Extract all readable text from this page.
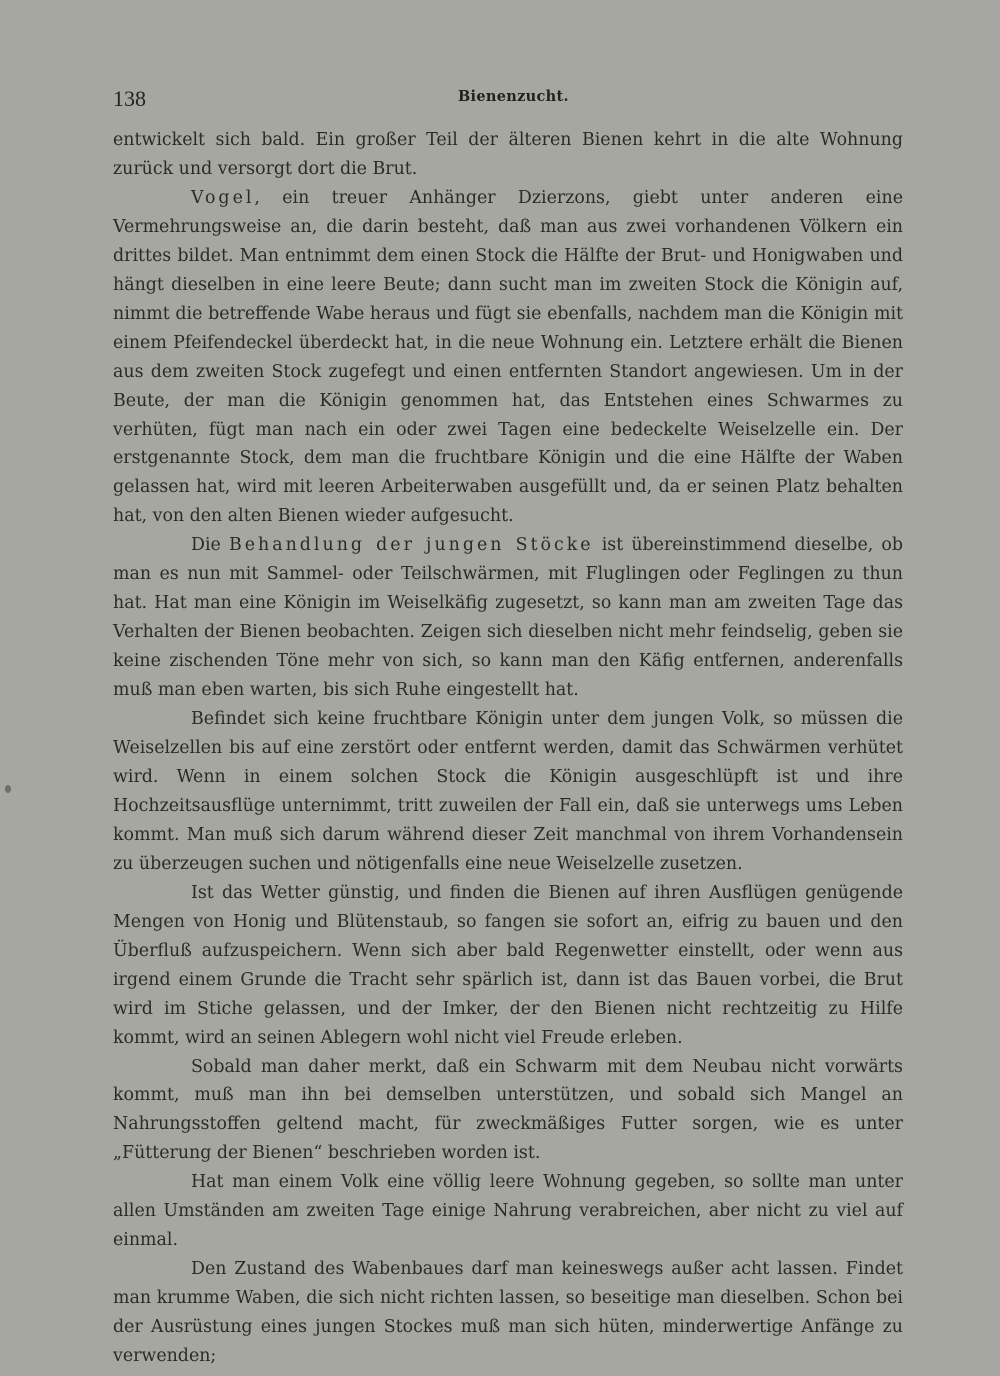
138	Bienenzucht.

entwickelt sich bald. Ein großer Teil der älteren Bienen kehrt in die alte Wohnung zurück und versorgt dort die Brut.

Vogel, ein treuer Anhänger Dzierzons, giebt unter anderen eine Vermehrungsweise an, die darin besteht, daß man aus zwei vorhandenen Völkern ein drittes bildet. Man entnimmt dem einen Stock die Hälfte der Brut- und Honigwaben und hängt dieselben in eine leere Beute; dann sucht man im zweiten Stock die Königin auf, nimmt die betreffende Wabe heraus und fügt sie ebenfalls, nachdem man die Königin mit einem Pfeifendeckel überdeckt hat, in die neue Wohnung ein. Letztere erhält die Bienen aus dem zweiten Stock zugefegt und einen entfernten Standort angewiesen. Um in der Beute, der man die Königin genommen hat, das Entstehen eines Schwarmes zu verhüten, fügt man nach ein oder zwei Tagen eine bedeckelte Weiselzelle ein. Der erstgenannte Stock, dem man die fruchtbare Königin und die eine Hälfte der Waben gelassen hat, wird mit leeren Arbeiterwaben ausgefüllt und, da er seinen Platz behalten hat, von den alten Bienen wieder aufgesucht.

Die Behandlung der jungen Stöcke ist übereinstimmend dieselbe, ob man es nun mit Sammel- oder Teilschwärmen, mit Fluglingen oder Feglingen zu thun hat. Hat man eine Königin im Weiselkäfig zugesetzt, so kann man am zweiten Tage das Verhalten der Bienen beobachten. Zeigen sich dieselben nicht mehr feindselig, geben sie keine zischenden Töne mehr von sich, so kann man den Käfig entfernen, anderenfalls muß man eben warten, bis sich Ruhe eingestellt hat.

Befindet sich keine fruchtbare Königin unter dem jungen Volk, so müssen die Weiselzellen bis auf eine zerstört oder entfernt werden, damit das Schwärmen verhütet wird. Wenn in einem solchen Stock die Königin ausgeschlüpft ist und ihre Hochzeitsausflüge unternimmt, tritt zuweilen der Fall ein, daß sie unterwegs ums Leben kommt. Man muß sich darum während dieser Zeit manchmal von ihrem Vorhandensein zu überzeugen suchen und nötigenfalls eine neue Weiselzelle zusetzen.

Ist das Wetter günstig, und finden die Bienen auf ihren Ausflügen genügende Mengen von Honig und Blütenstaub, so fangen sie sofort an, eifrig zu bauen und den Überfluß aufzuspeichern. Wenn sich aber bald Regenwetter einstellt, oder wenn aus irgend einem Grunde die Tracht sehr spärlich ist, dann ist das Bauen vorbei, die Brut wird im Stiche gelassen, und der Imker, der den Bienen nicht rechtzeitig zu Hilfe kommt, wird an seinen Ablegern wohl nicht viel Freude erleben.

Sobald man daher merkt, daß ein Schwarm mit dem Neubau nicht vorwärts kommt, muß man ihn bei demselben unterstützen, und sobald sich Mangel an Nahrungsstoffen geltend macht, für zweckmäßiges Futter sorgen, wie es unter „Fütterung der Bienen“ beschrieben worden ist.

Hat man einem Volk eine völlig leere Wohnung gegeben, so sollte man unter allen Umständen am zweiten Tage einige Nahrung verabreichen, aber nicht zu viel auf einmal.

Den Zustand des Wabenbaues darf man keineswegs außer acht lassen. Findet man krumme Waben, die sich nicht richten lassen, so beseitige man dieselben. Schon bei der Ausrüstung eines jungen Stockes muß man sich hüten, minderwertige Anfänge zu verwenden;
